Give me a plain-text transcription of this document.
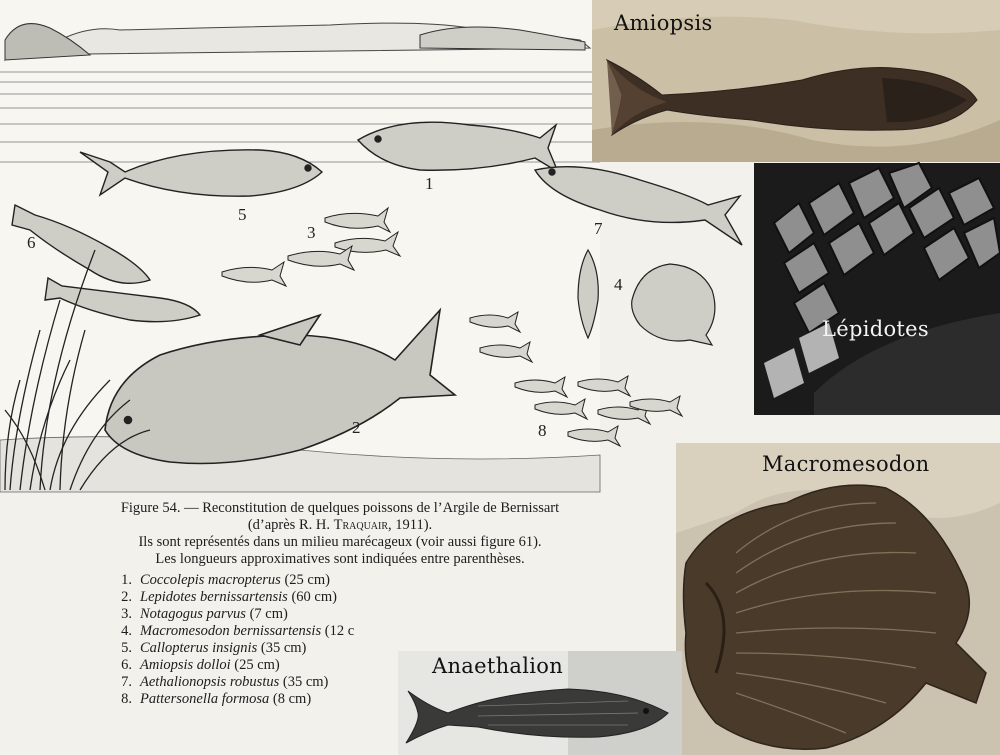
1
2
3
4
5
6
7
8
Figure 54. — Reconstitution de quelques poissons de l’Argile de Bernissart
(d’après R. H. Traquair, 1911).
Ils sont représentés dans un milieu marécageux (voir aussi figure 61).
Les longueurs approximatives sont indiquées entre parenthèses.
1. Coccolepis macropterus (25 cm)
2. Lepidotes bernissartensis (60 cm)
3. Notagogus parvus (7 cm)
4. Macromesodon bernissartensis (12 c
5. Callopterus insignis (35 cm)
6. Amiopsis dolloi (25 cm)
7. Aethalionopsis robustus (35 cm)
8. Pattersonella formosa (8 cm)
Amiopsis
Lépidotes
Macromesodon
Anaethalion
